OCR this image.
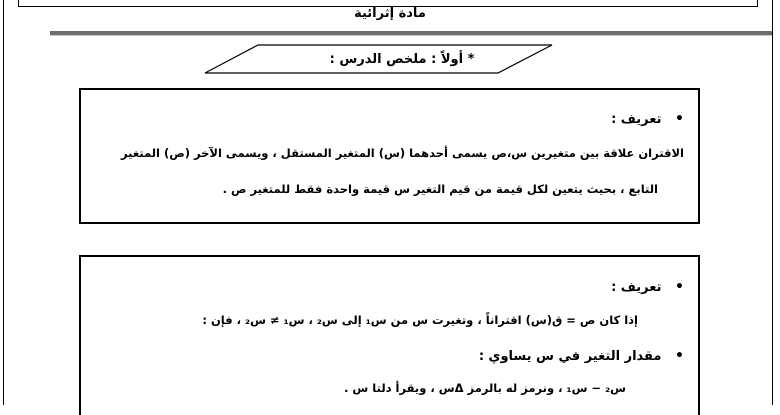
مادة إثرائية
* أولاً : ملخص الدرس :
• تعريف :
الاقتران علاقة بين متغيرين س،ص يسمى أحدهما (س) المتغير المستقل ، ويسمى الآخر (ص) المتغير
التابع ، بحيث يتعين لكل قيمة من قيم التغير س قيمة واحدة فقط للمتغير ص .
• تعريف :
إذا كان ص = ق(س) اقتراناً ، وتغيرت س من س₁ إلى س₂ ، س₁ ≠ س₂ ، فإن :
• مقدار التغير في س يساوي :
س₂ − س₁ ، ونرمز له بالرمز Δس ، ويقرأ دلتا س .
